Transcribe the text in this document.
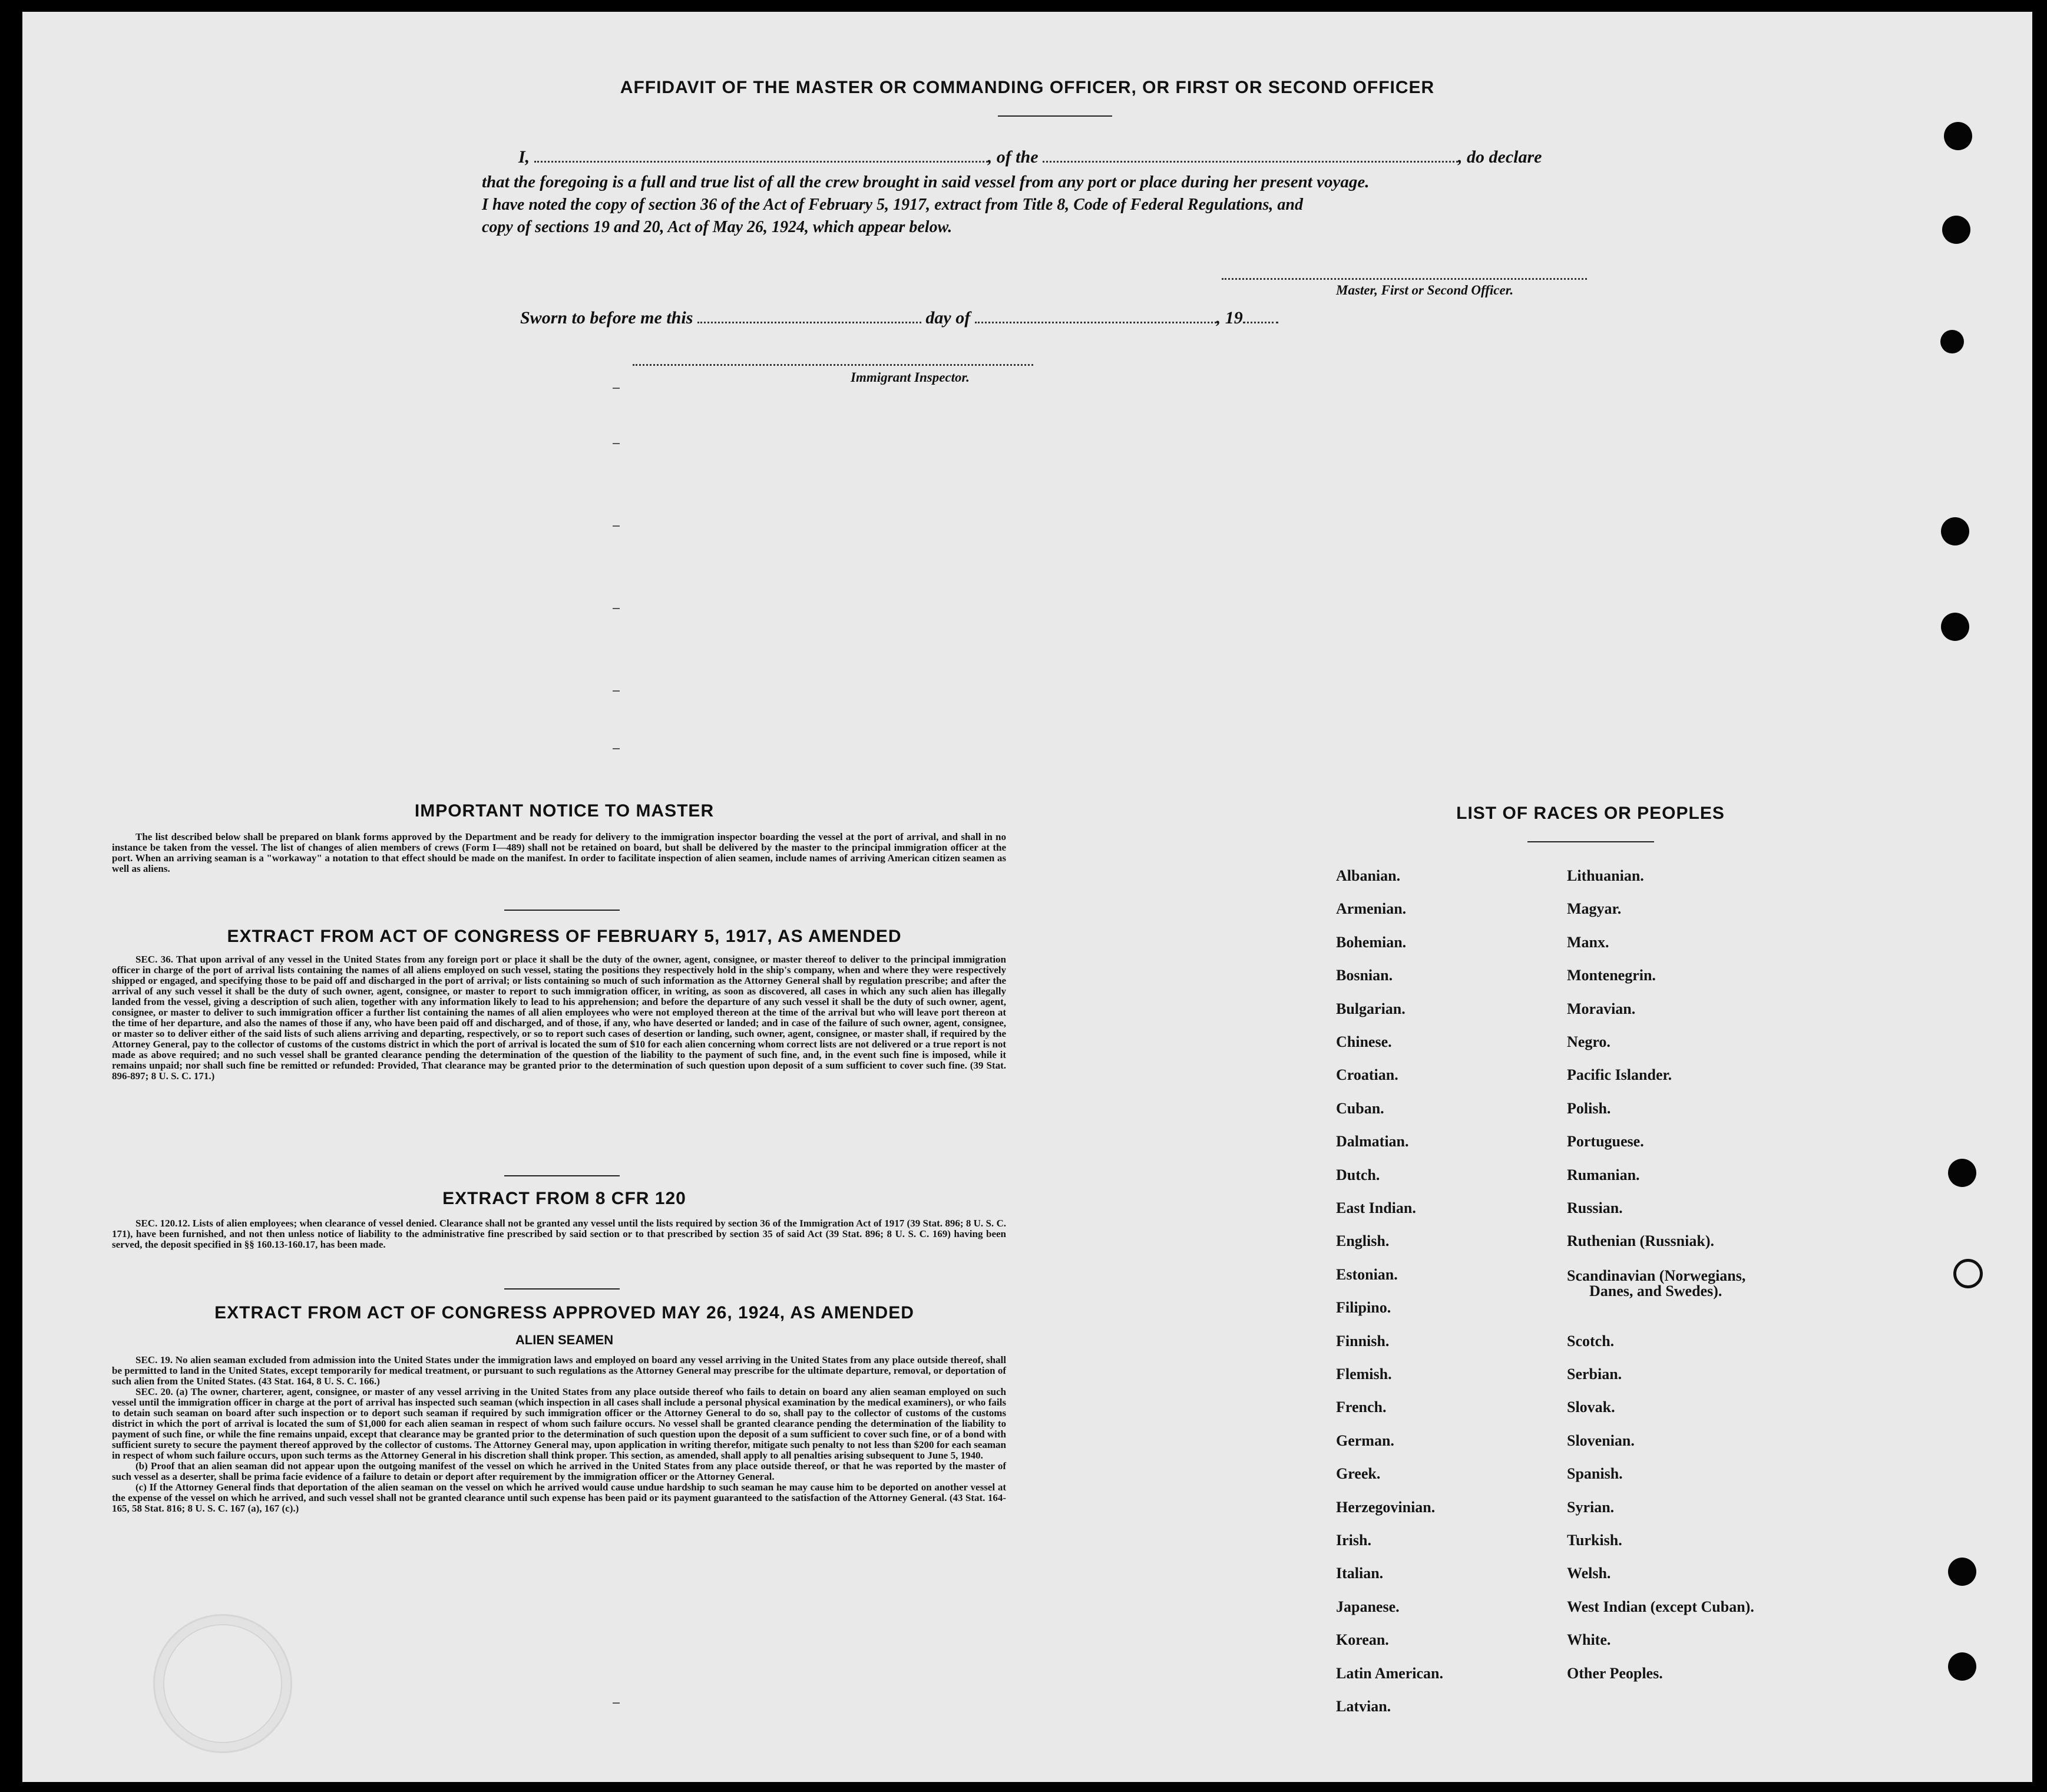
AFFIDAVIT OF THE MASTER OR COMMANDING OFFICER, OR FIRST OR SECOND OFFICER
I,	, of the	, do declare
that the foregoing is a full and true list of all the crew brought in said vessel from any port or place during her present voyage.
I have noted the copy of section 36 of the Act of February 5, 1917, extract from Title 8, Code of Federal Regulations, and
copy of sections 19 and 20, Act of May 26, 1924, which appear below.
Master, First or Second Officer.
Sworn to before me this	day of	, 19
Immigrant Inspector.
IMPORTANT NOTICE TO MASTER

The list described below shall be prepared on blank forms approved by the Department and be ready for delivery to the immigration inspector boarding the vessel at the port of arrival, and shall in no instance be taken from the vessel. The list of changes of alien members of crews (Form I—489) shall not be retained on board, but shall be delivered by the master to the principal immigration officer at the port. When an arriving seaman is a "workaway" a notation to that effect should be made on the manifest. In order to facilitate inspection of alien seamen, include names of arriving American citizen seamen as well as aliens.

EXTRACT FROM ACT OF CONGRESS OF FEBRUARY 5, 1917, AS AMENDED

SEC. 36. That upon arrival of any vessel in the United States from any foreign port or place it shall be the duty of the owner, agent, consignee, or master thereof to deliver to the principal immigration officer in charge of the port of arrival lists containing the names of all aliens employed on such vessel, stating the positions they respectively hold in the ship's company, when and where they were respectively shipped or engaged, and specifying those to be paid off and discharged in the port of arrival; or lists containing so much of such information as the Attorney General shall by regulation prescribe; and after the arrival of any such vessel it shall be the duty of such owner, agent, consignee, or master to report to such immigration officer, in writing, as soon as discovered, all cases in which any such alien has illegally landed from the vessel, giving a description of such alien, together with any information likely to lead to his apprehension; and before the departure of any such vessel it shall be the duty of such owner, agent, consignee, or master to deliver to such immigration officer a further list containing the names of all alien employees who were not employed thereon at the time of the arrival but who will leave port thereon at the time of her departure, and also the names of those if any, who have been paid off and discharged, and of those, if any, who have deserted or landed; and in case of the failure of such owner, agent, consignee, or master so to deliver either of the said lists of such aliens arriving and departing, respectively, or so to report such cases of desertion or landing, such owner, agent, consignee, or master shall, if required by the Attorney General, pay to the collector of customs of the customs district in which the port of arrival is located the sum of $10 for each alien concerning whom correct lists are not delivered or a true report is not made as above required; and no such vessel shall be granted clearance pending the determination of the question of the liability to the payment of such fine, and, in the event such fine is imposed, while it remains unpaid; nor shall such fine be remitted or refunded: Provided, That clearance may be granted prior to the determination of such question upon deposit of a sum sufficient to cover such fine. (39 Stat. 896-897; 8 U. S. C. 171.)

EXTRACT FROM 8 CFR 120

SEC. 120.12. Lists of alien employees; when clearance of vessel denied. Clearance shall not be granted any vessel until the lists required by section 36 of the Immigration Act of 1917 (39 Stat. 896; 8 U. S. C. 171), have been furnished, and not then unless notice of liability to the administrative fine prescribed by said section or to that prescribed by section 35 of said Act (39 Stat. 896; 8 U. S. C. 169) having been served, the deposit specified in §§ 160.13-160.17, has been made.

EXTRACT FROM ACT OF CONGRESS APPROVED MAY 26, 1924, AS AMENDED
ALIEN SEAMEN

SEC. 19. No alien seaman excluded from admission into the United States under the immigration laws and employed on board any vessel arriving in the United States from any place outside thereof, shall be permitted to land in the United States, except temporarily for medical treatment, or pursuant to such regulations as the Attorney General may prescribe for the ultimate departure, removal, or deportation of such alien from the United States. (43 Stat. 164, 8 U. S. C. 166.)

SEC. 20. (a) The owner, charterer, agent, consignee, or master of any vessel arriving in the United States from any place outside thereof who fails to detain on board any alien seaman employed on such vessel until the immigration officer in charge at the port of arrival has inspected such seaman (which inspection in all cases shall include a personal physical examination by the medical examiners), or who fails to detain such seaman on board after such inspection or to deport such seaman if required by such immigration officer or the Attorney General to do so, shall pay to the collector of customs of the customs district in which the port of arrival is located the sum of $1,000 for each alien seaman in respect of whom such failure occurs. No vessel shall be granted clearance pending the determination of the liability to payment of such fine, or while the fine remains unpaid, except that clearance may be granted prior to the determination of such question upon the deposit of a sum sufficient to cover such fine, or of a bond with sufficient surety to secure the payment thereof approved by the collector of customs. The Attorney General may, upon application in writing therefor, mitigate such penalty to not less than $200 for each seaman in respect of whom such failure occurs, upon such terms as the Attorney General in his discretion shall think proper. This section, as amended, shall apply to all penalties arising subsequent to June 5, 1940.

(b) Proof that an alien seaman did not appear upon the outgoing manifest of the vessel on which he arrived in the United States from any place outside thereof, or that he was reported by the master of such vessel as a deserter, shall be prima facie evidence of a failure to detain or deport after requirement by the immigration officer or the Attorney General.

(c) If the Attorney General finds that deportation of the alien seaman on the vessel on which he arrived would cause undue hardship to such seaman he may cause him to be deported on another vessel at the expense of the vessel on which he arrived, and such vessel shall not be granted clearance until such expense has been paid or its payment guaranteed to the satisfaction of the Attorney General. (43 Stat. 164-165, 58 Stat. 816; 8 U. S. C. 167 (a), 167 (c).)

LIST OF RACES OR PEOPLES
Albanian.
Armenian.
Bohemian.
Bosnian.
Bulgarian.
Chinese.
Croatian.
Cuban.
Dalmatian.
Dutch.
East Indian.
English.
Estonian.
Filipino.
Finnish.
Flemish.
French.
German.
Greek.
Herzegovinian.
Irish.
Italian.
Japanese.
Korean.
Latin American.
Latvian.
Lithuanian.
Magyar.
Manx.
Montenegrin.
Moravian.
Negro.
Pacific Islander.
Polish.
Portuguese.
Rumanian.
Russian.
Ruthenian (Russniak).
Scandinavian (Norwegians,
Danes, and Swedes).
Scotch.
Serbian.
Slovak.
Slovenian.
Spanish.
Syrian.
Turkish.
Welsh.
West Indian (except Cuban).
White.
Other Peoples.
